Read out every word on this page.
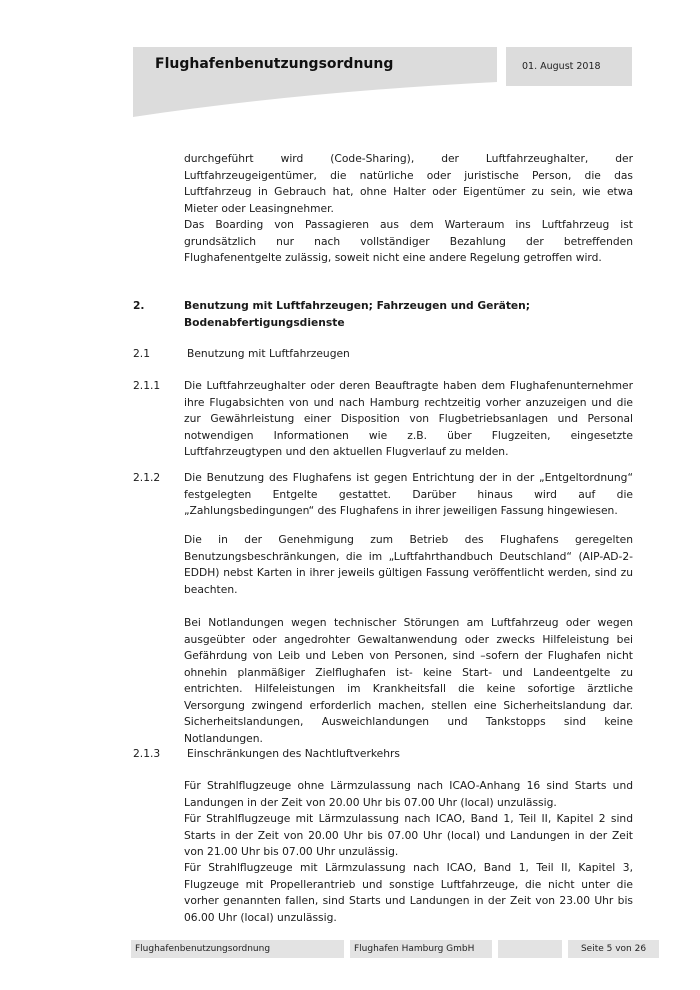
Flughafenbenutzungsordnung	01. August 2018

durchgeführt wird (Code-Sharing), der Luftfahrzeughalter, der Luftfahrzeugeigentümer, die natürliche oder juristische Person, die das Luftfahrzeug in Gebrauch hat, ohne Halter oder Eigentümer zu sein, wie etwa Mieter oder Leasingnehmer.

Das Boarding von Passagieren aus dem Warteraum ins Luftfahrzeug ist grundsätzlich nur nach vollständiger Bezahlung der betreffenden Flughafenentgelte zulässig, soweit nicht eine andere Regelung getroffen wird.

2.	Benutzung mit Luftfahrzeugen; Fahrzeugen und Geräten; Bodenabfertigungsdienste

2.1	Benutzung mit Luftfahrzeugen

2.1.1 Die Luftfahrzeughalter oder deren Beauftragte haben dem Flughafenunternehmer ihre Flugabsichten von und nach Hamburg rechtzeitig vorher anzuzeigen und die zur Gewährleistung einer Disposition von Flugbetriebsanlagen und Personal notwendigen Informationen wie z.B. über Flugzeiten, eingesetzte Luftfahrzeugtypen und den aktuellen Flugverlauf zu melden.

2.1.2 Die Benutzung des Flughafens ist gegen Entrichtung der in der „Entgeltordnung“ festgelegten Entgelte gestattet. Darüber hinaus wird auf die „Zahlungsbedingungen“ des Flughafens in ihrer jeweiligen Fassung hingewiesen.

Die in der Genehmigung zum Betrieb des Flughafens geregelten Benutzungsbeschränkungen, die im „Luftfahrthandbuch Deutschland“ (AIP-AD-2-EDDH) nebst Karten in ihrer jeweils gültigen Fassung veröffentlicht werden, sind zu beachten.

Bei Notlandungen wegen technischer Störungen am Luftfahrzeug oder wegen ausgeübter oder angedrohter Gewaltanwendung oder zwecks Hilfeleistung bei Gefährdung von Leib und Leben von Personen, sind –sofern der Flughafen nicht ohnehin planmäßiger Zielflughafen ist- keine Start- und Landeentgelte zu entrichten. Hilfeleistungen im Krankheitsfall die keine sofortige ärztliche Versorgung zwingend erforderlich machen, stellen eine Sicherheitslandung dar. Sicherheitslandungen, Ausweichlandungen und Tankstopps sind keine Notlandungen.

2.1.3	Einschränkungen des Nachtluftverkehrs

Für Strahlflugzeuge ohne Lärmzulassung nach ICAO-Anhang 16 sind Starts und Landungen in der Zeit von 20.00 Uhr bis 07.00 Uhr (local) unzulässig.

Für Strahlflugzeuge mit Lärmzulassung nach ICAO, Band 1, Teil II, Kapitel 2 sind Starts in der Zeit von 20.00 Uhr bis 07.00 Uhr (local) und Landungen in der Zeit von 21.00 Uhr bis 07.00 Uhr unzulässig.

Für Strahlflugzeuge mit Lärmzulassung nach ICAO, Band 1, Teil II, Kapitel 3, Flugzeuge mit Propellerantrieb und sonstige Luftfahrzeuge, die nicht unter die vorher genannten fallen, sind Starts und Landungen in der Zeit von 23.00 Uhr bis 06.00 Uhr (local) unzulässig.

Flughafenbenutzungsordnung	Flughafen Hamburg GmbH	Seite 5 von 26
